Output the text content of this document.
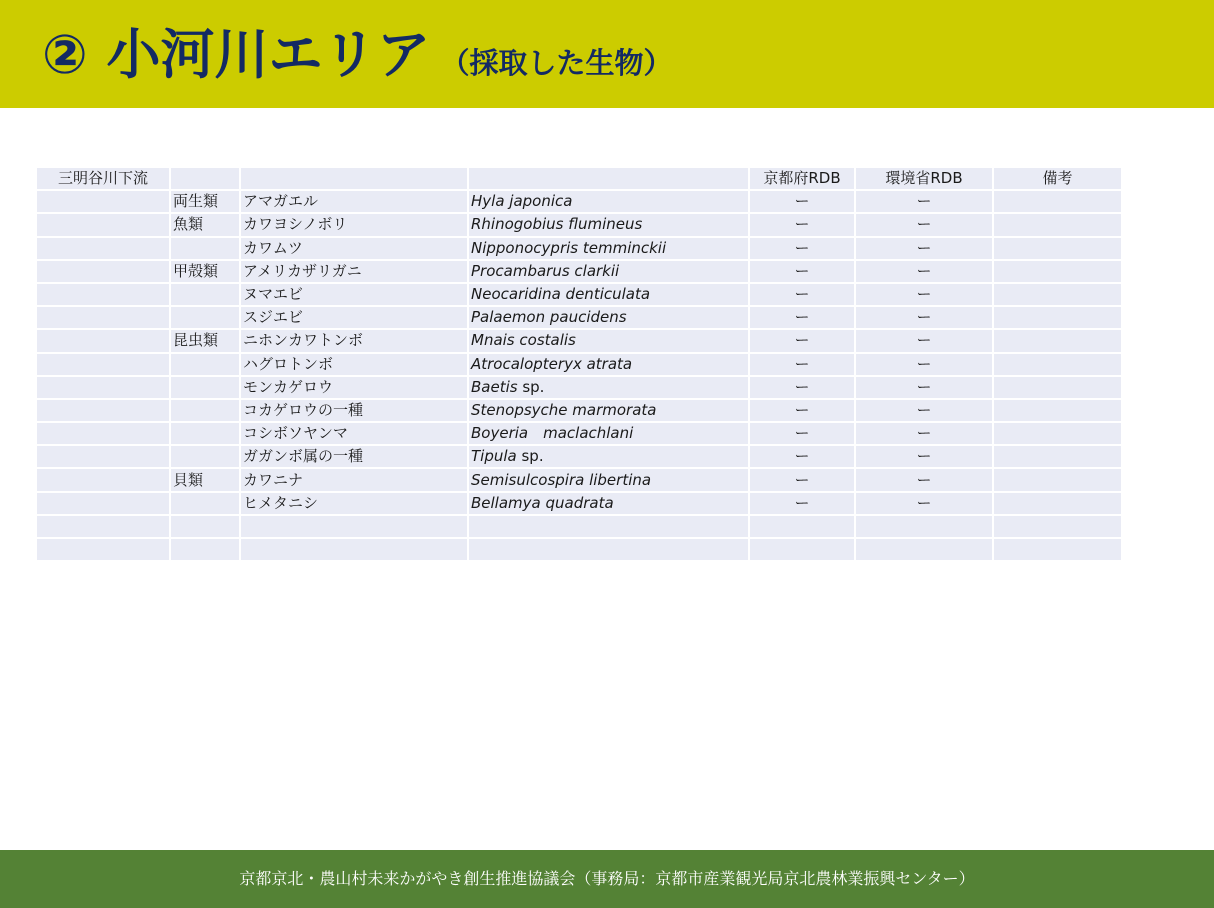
② 小河川エリア （採取した生物）
三明谷川下流				京都府RDB	環境省RDB	備考
	両生類	アマガエル	Hyla japonica	ー	ー	
	魚類	カワヨシノボリ	Rhinogobius flumineus	ー	ー	
		カワムツ	Nipponocypris temminckii	ー	ー	
	甲殻類	アメリカザリガニ	Procambarus clarkii	ー	ー	
		ヌマエビ	Neocaridina denticulata	ー	ー	
		スジエビ	Palaemon paucidens	ー	ー	
	昆虫類	ニホンカワトンボ	Mnais costalis	ー	ー	
		ハグロトンボ	Atrocalopteryx atrata	ー	ー	
		モンカゲロウ	Baetis sp.	ー	ー	
		コカゲロウの一種	Stenopsyche marmorata	ー	ー	
		コシボソヤンマ	Boyeria　maclachlani	ー	ー	
		ガガンボ属の一種	Tipula sp.	ー	ー	
	貝類	カワニナ	Semisulcospira libertina	ー	ー	
		ヒメタニシ	Bellamya quadrata	ー	ー	

京都京北・農山村未来かがやき創生推進協議会（事務局：京都市産業観光局京北農林業振興センター）
